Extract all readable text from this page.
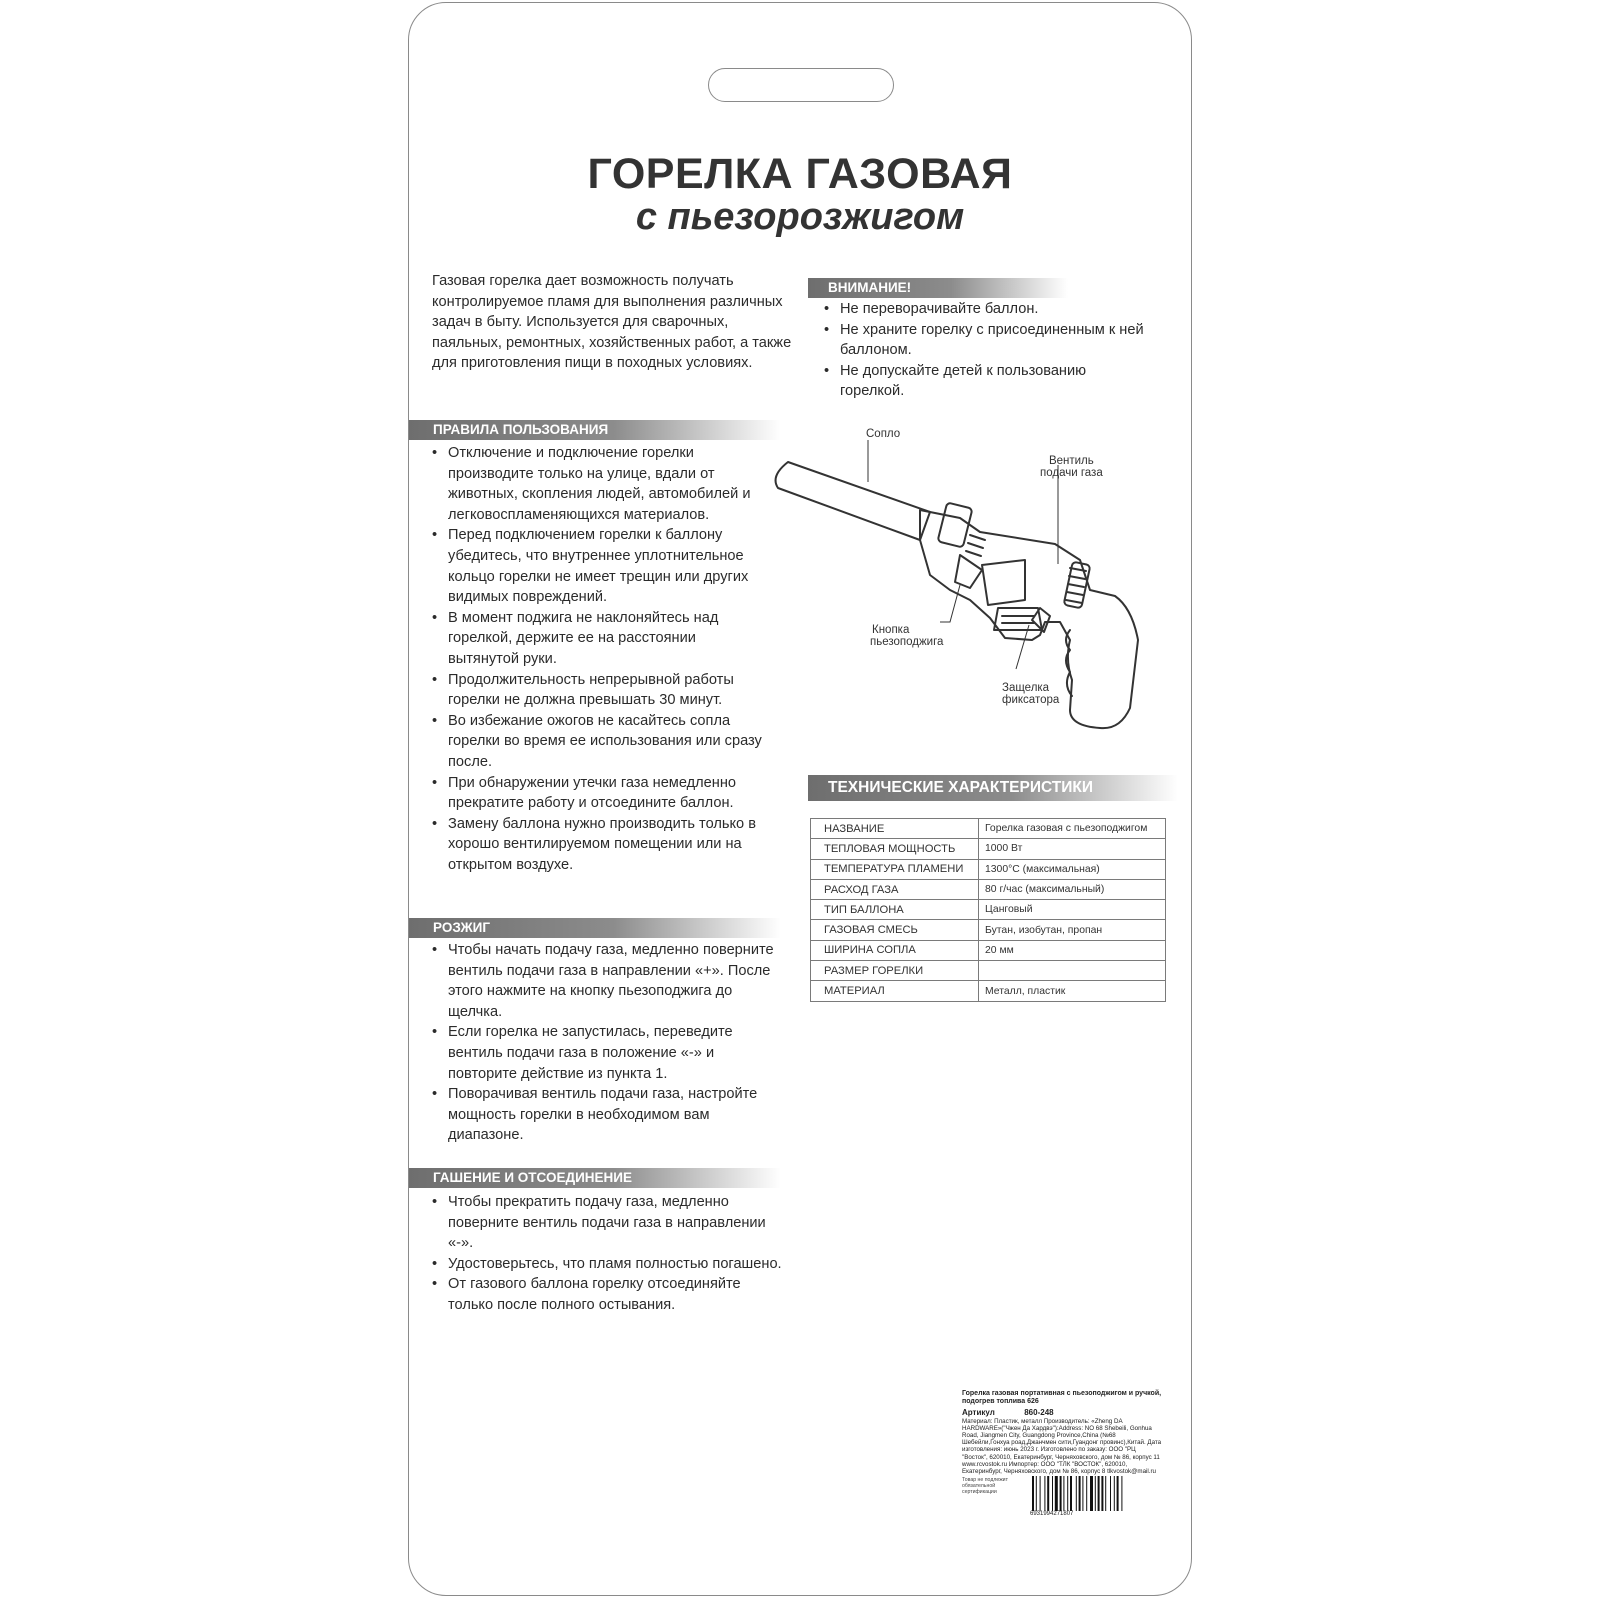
ГОРЕЛКА ГАЗОВАЯ
с пьезорозжигом
Газовая горелка дает возможность получать контролируемое пламя для выполнения различных задач в быту. Используется для сварочных, паяльных, ремонтных, хозяйственных работ, а также для приготовления пищи в походных условиях.
ВНИМАНИЕ!
• Не переворачивайте баллон.
• Не храните горелку с присоединенным к ней баллоном.
• Не допускайте детей к пользованию горелкой.
ПРАВИЛА ПОЛЬЗОВАНИЯ
• Отключение и подключение горелки производите только на улице, вдали от животных, скопления людей, автомобилей и легковоспламеняющихся материалов.
• Перед подключением горелки к баллону убедитесь, что внутреннее уплотнительное кольцо горелки не имеет трещин или других видимых повреждений.
• В момент поджига не наклоняйтесь над горелкой, держите ее на расстоянии вытянутой руки.
• Продолжительность непрерывной работы горелки не должна превышать 30 минут.
• Во избежание ожогов не касайтесь сопла горелки во время ее использования или сразу после.
• При обнаружении утечки газа немедленно прекратите работу и отсоедините баллон.
• Замену баллона нужно производить только в хорошо вентилируемом помещении или на открытом воздухе.
РОЗЖИГ
• Чтобы начать подачу газа, медленно поверните вентиль подачи газа в направлении «+». После этого нажмите на кнопку пьезоподжига до щелчка.
• Если горелка не запустилась, переведите вентиль подачи газа в положение «-» и повторите действие из пункта 1.
• Поворачивая вентиль подачи газа, настройте мощность горелки в необходимом вам диапазоне.
ГАШЕНИЕ И ОТСОЕДИНЕНИЕ
• Чтобы прекратить подачу газа, медленно поверните вентиль подачи газа в направлении «-».
• Удостоверьтесь, что пламя полностью погашено.
• От газового баллона горелку отсоединяйте только после полного остывания.
Сопло
Вентиль
подачи газа
Кнопка
пьезоподжига
Защелка
фиксатора
ТЕХНИЧЕСКИЕ ХАРАКТЕРИСТИКИ
НАЗВАНИЕ	Горелка газовая с пьезоподжигом
ТЕПЛОВАЯ МОЩНОСТЬ	1000 Вт
ТЕМПЕРАТУРА ПЛАМЕНИ	1300°С (максимальная)
РАСХОД ГАЗА	80 г/час (максимальный)
ТИП БАЛЛОНА	Цанговый
ГАЗОВАЯ СМЕСЬ	Бутан, изобутан, пропан
ШИРИНА СОПЛА	20 мм
РАЗМЕР ГОРЕЛКИ	
МАТЕРИАЛ	Металл, пластик
Горелка газовая портативная с пьезоподжигом и ручкой, подогрев топлива 626
Артикул	860-248
Материал: Пластик, металл Производитель: «Zheng DA HARDWARE»("Чжен Да Хардвэ"):Address: NO 68 Shebeili, Gonhua Road, Jiangmen City, Guangdong Province,China (№68 Шебейли,Гонхуа роад,Джанчмен сити,Гуандонг провинс),Китай. Дата изготовления: июнь 2023 г. Изготовлено по заказу: ООО "РЦ "Восток", 620010, Екатеринбург, Черняховского, дом № 86, корпус 11 www.rcvostok.ru Импортер: ООО "ТЛК "ВОСТОК", 620010, Екатеринбург, Черняховского, дом № 86, корпус 8 tlkvostok@mail.ru
Товар не подлежит обязательной сертификации
6931994271807
